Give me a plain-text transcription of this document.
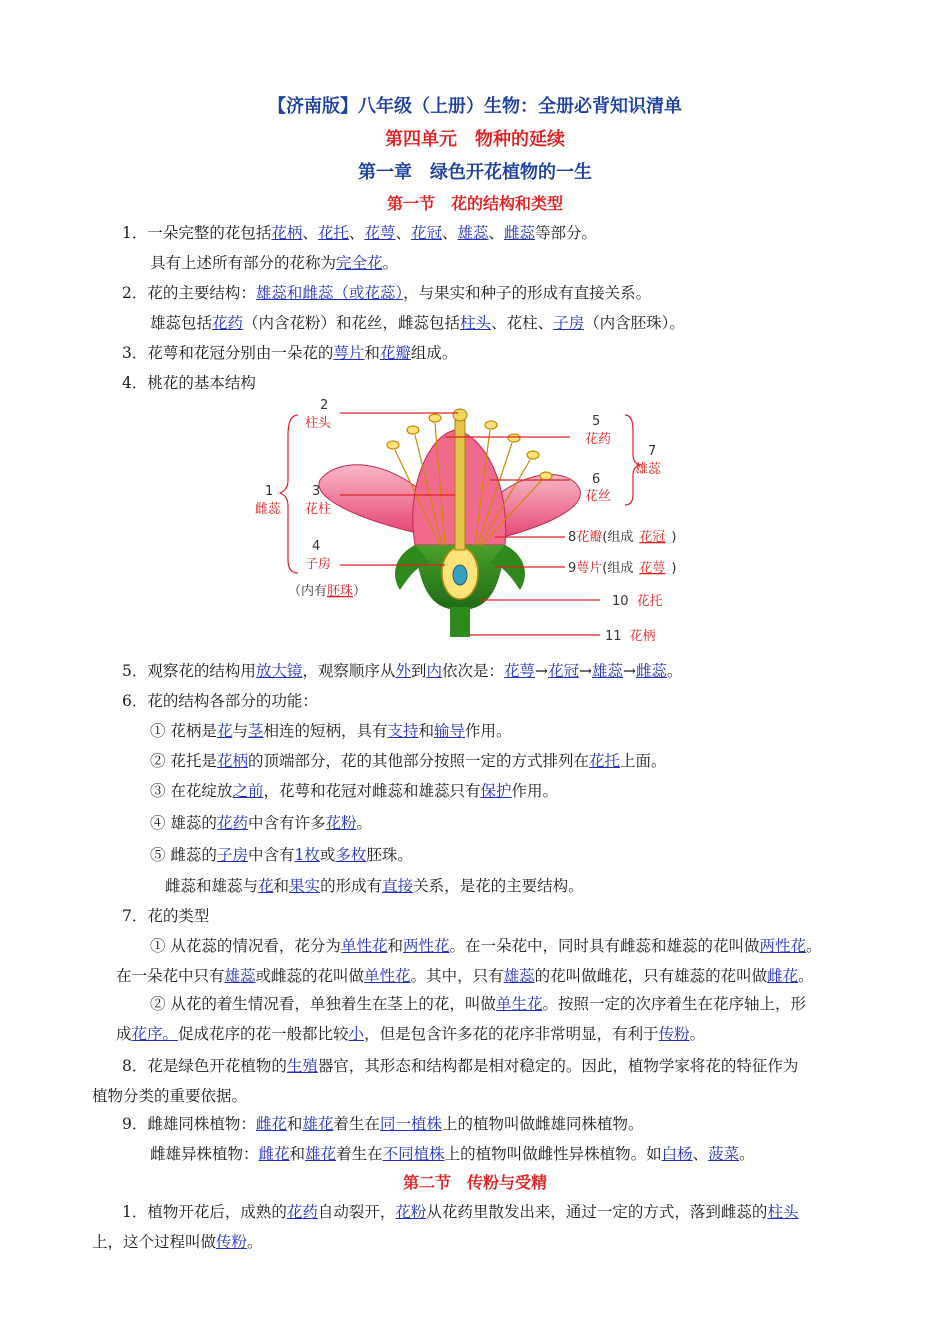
【济南版】八年级（上册）生物：全册必背知识清单
第四单元　物种的延续
第一章　绿色开花植物的一生
第一节　花的结构和类型
1．一朵完整的花包括花柄、花托、花萼、花冠、雄蕊、雌蕊等部分。
具有上述所有部分的花称为完全花。
2．花的主要结构：雄蕊和雌蕊（或花蕊），与果实和种子的形成有直接关系。
雄蕊包括花药（内含花粉）和花丝，雌蕊包括柱头、花柱、子房（内含胚珠）。
3．花萼和花冠分别由一朵花的萼片和花瓣组成。
4．桃花的基本结构
5．观察花的结构用放大镜，观察顺序从外到内依次是：花萼→花冠→雄蕊→雌蕊。
6．花的结构各部分的功能：
① 花柄是花与茎相连的短柄，具有支持和输导作用。
② 花托是花柄的顶端部分，花的其他部分按照一定的方式排列在花托上面。
③ 在花绽放之前，花萼和花冠对雌蕊和雄蕊只有保护作用。
④ 雄蕊的花药中含有许多花粉。
⑤ 雌蕊的子房中含有1枚或多枚胚珠。
雌蕊和雄蕊与花和果实的形成有直接关系，是花的主要结构。
7．花的类型
① 从花蕊的情况看，花分为单性花和两性花。在一朵花中，同时具有雌蕊和雄蕊的花叫做两性花。
在一朵花中只有雄蕊或雌蕊的花叫做单性花。其中，只有雄蕊的花叫做雌花，只有雄蕊的花叫做雌花。
② 从花的着生情况看，单独着生在茎上的花，叫做单生花。按照一定的次序着生在花序轴上，形
成花序。促成花序的花一般都比较小，但是包含许多花的花序非常明显，有利于传粉。
8．花是绿色开花植物的生殖器官，其形态和结构都是相对稳定的。因此，植物学家将花的特征作为
植物分类的重要依据。
9．雌雄同株植物：雌花和雄花着生在同一植株上的植物叫做雌雄同株植物。
雌雄异株植物：雌花和雄花着生在不同植株上的植物叫做雌性异株植物。如白杨、菠菜。
1．植物开花后，成熟的花药自动裂开，花粉从花药里散发出来，通过一定的方式，落到雌蕊的柱头
上，这个过程叫做传粉。
2
柱头
3
花柱
4
子房
1
雌蕊
（内有胚珠）
5
花药
6
花丝
7
雄蕊
8花瓣(组成 花冠 )
9萼片(组成 花萼 )
10 花托
11 花柄
第二节　传粉与受精
